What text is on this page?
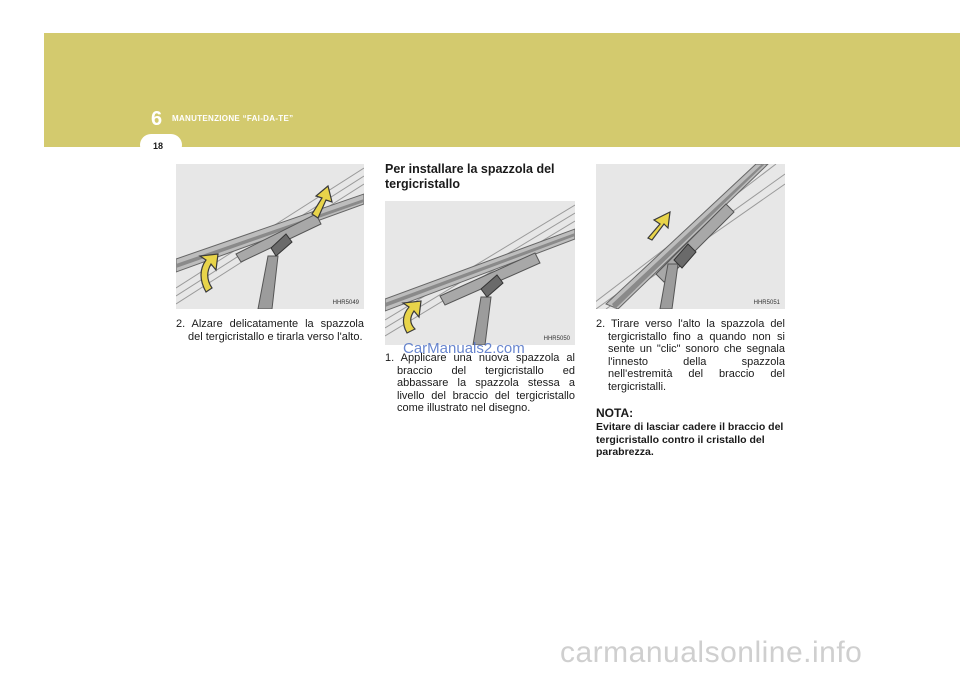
6 MANUTENZIONE “FAI-DA-TE”
18
HHR5049

2. Alzare delicatamente la spazzola del tergicristallo e tirarla verso l'alto.

Per installare la spazzola del tergicristallo
HHR5050

1. Applicare una nuova spazzola al braccio del tergicristallo ed abbassare la spazzola stessa a livello del braccio del tergicristallo come illustrato nel disegno.

HHR5051

2. Tirare verso l'alto la spazzola del tergicristallo fino a quando non si sente un "clic" sonoro che segnala l'innesto della spazzola nell'estremità del braccio del tergicristalli.

NOTA:
Evitare di lasciar cadere il braccio del tergicristallo contro il cristallo del parabrezza.
CarManuals2.com
carmanualsonline.info
